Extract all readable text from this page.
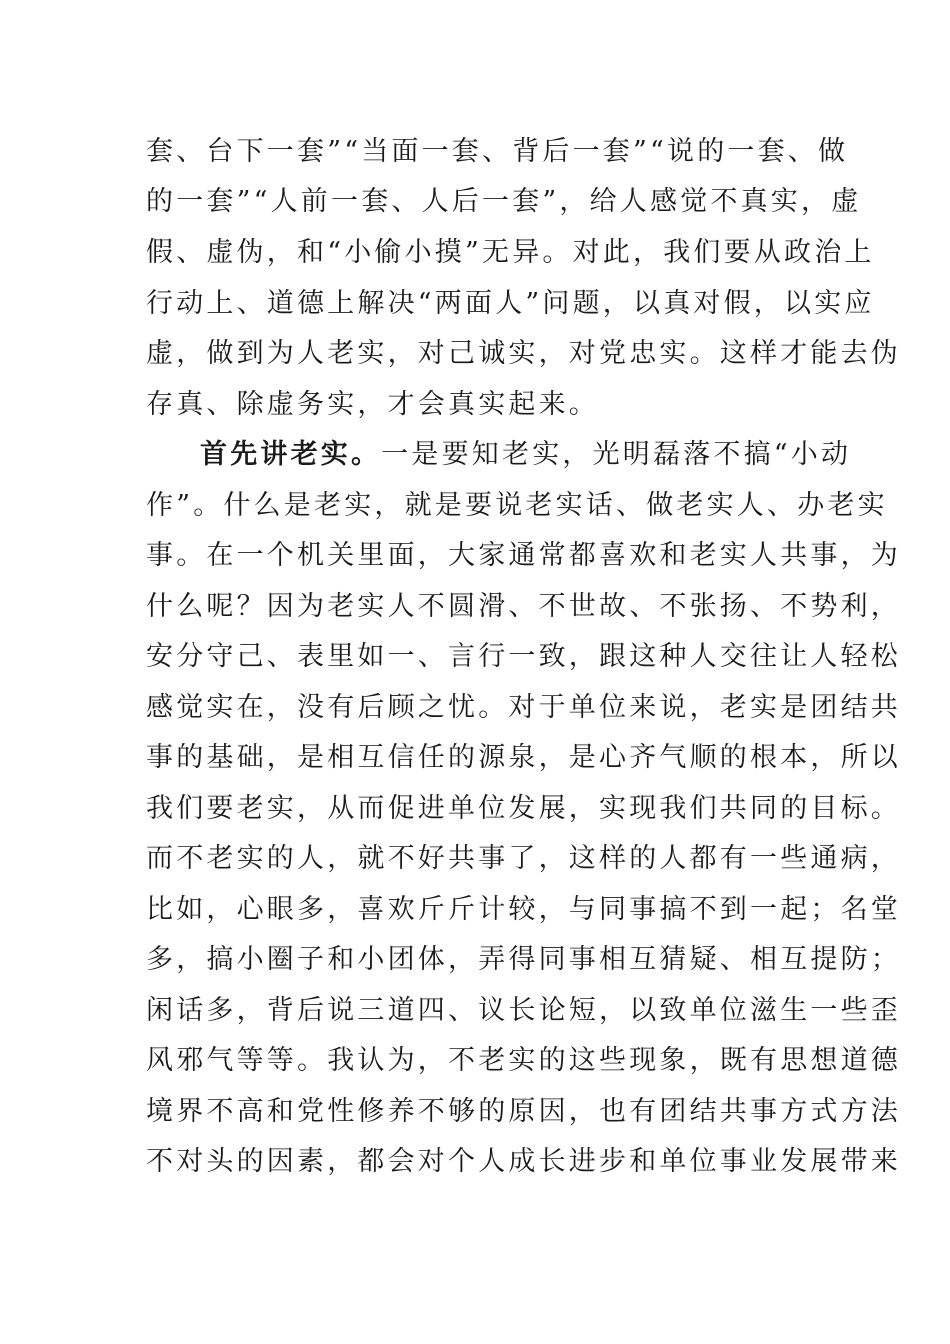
套、台下一套”“当面一套、背后一套”“说的一套、做
的一套”“人前一套、人后一套”，给人感觉不真实，虚
假、虚伪，和“小偷小摸”无异。对此，我们要从政治上
行动上、道德上解决“两面人”问题，以真对假，以实应
虚，做到为人老实，对己诚实，对党忠实。这样才能去伪
存真、除虚务实，才会真实起来。
首先讲老实。一是要知老实，光明磊落不搞“小动
作”。什么是老实，就是要说老实话、做老实人、办老实
事。在一个机关里面，大家通常都喜欢和老实人共事，为
什么呢？因为老实人不圆滑、不世故、不张扬、不势利，
安分守己、表里如一、言行一致，跟这种人交往让人轻松
感觉实在，没有后顾之忧。对于单位来说，老实是团结共
事的基础，是相互信任的源泉，是心齐气顺的根本，所以
我们要老实，从而促进单位发展，实现我们共同的目标。
而不老实的人，就不好共事了，这样的人都有一些通病，
比如，心眼多，喜欢斤斤计较，与同事搞不到一起；名堂
多，搞小圈子和小团体，弄得同事相互猜疑、相互提防；
闲话多，背后说三道四、议长论短，以致单位滋生一些歪
风邪气等等。我认为，不老实的这些现象，既有思想道德
境界不高和党性修养不够的原因，也有团结共事方式方法
不对头的因素，都会对个人成长进步和单位事业发展带来
